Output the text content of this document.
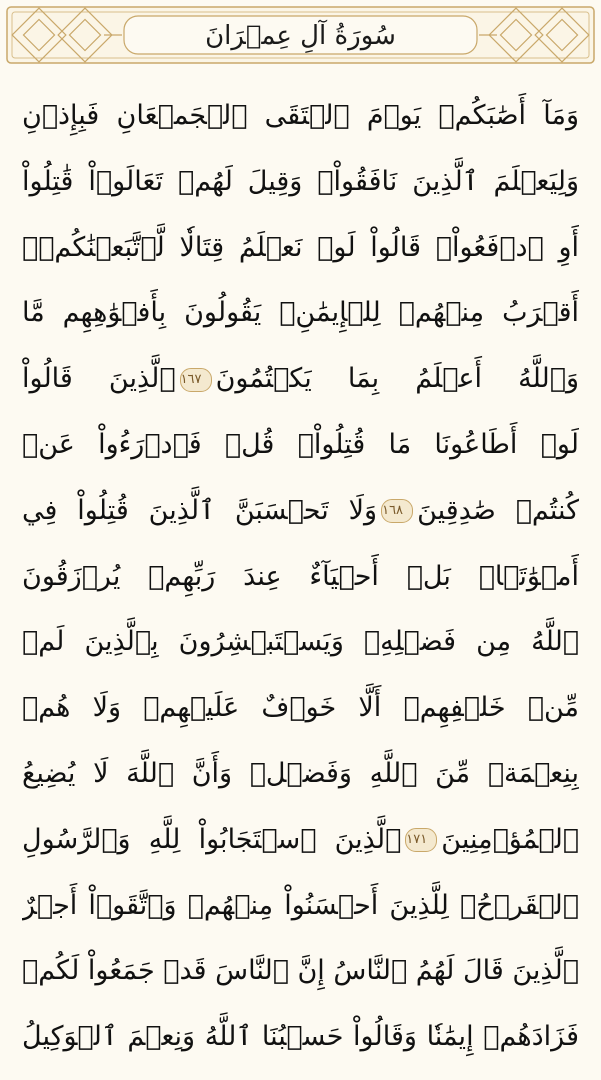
سُورَةُ آلِ عِمۡرَانَ
وَمَآ أَصَٰبَكُمۡ يَوۡمَ ٱلۡتَقَى ٱلۡجَمۡعَانِ فَبِإِذۡنِ
وَلِيَعۡلَمَ ٱلَّذِينَ نَافَقُواْۚ وَقِيلَ لَهُمۡ تَعَالَوۡاْ قَٰتِلُواْ
أَوِ ٱدۡفَعُواْۖ قَالُواْ لَوۡ نَعۡلَمُ قِتَالٗا لَّٱتَّبَعۡنَٰكُمۡۗ
أَقۡرَبُ مِنۡهُمۡ لِلۡإِيمَٰنِۚ يَقُولُونَ بِأَفۡوَٰهِهِم مَّا
وَٱللَّهُ أَعۡلَمُ بِمَا يَكۡتُمُونَ١٦٧ٱلَّذِينَ قَالُواْ
لَوۡ أَطَاعُونَا مَا قُتِلُواْۗ قُلۡ فَٱدۡرَءُواْ عَنۡ
كُنتُمۡ صَٰدِقِينَ١٦٨وَلَا تَحۡسَبَنَّ ٱلَّذِينَ قُتِلُواْ فِي
أَمۡوَٰتَۢاۚ بَلۡ أَحۡيَآءٌ عِندَ رَبِّهِمۡ يُرۡزَقُونَ
ٱللَّهُ مِن فَضۡلِهِۦ وَيَسۡتَبۡشِرُونَ بِٱلَّذِينَ لَمۡ
مِّنۡ خَلۡفِهِمۡ أَلَّا خَوۡفٌ عَلَيۡهِمۡ وَلَا هُمۡ
بِنِعۡمَةٖ مِّنَ ٱللَّهِ وَفَضۡلٖ وَأَنَّ ٱللَّهَ لَا يُضِيعُ
ٱلۡمُؤۡمِنِينَ١٧١ٱلَّذِينَ ٱسۡتَجَابُواْ لِلَّهِ وَٱلرَّسُولِ
ٱلۡقَرۡحُۚ لِلَّذِينَ أَحۡسَنُواْ مِنۡهُمۡ وَٱتَّقَوۡاْ أَجۡرٌ
ٱلَّذِينَ قَالَ لَهُمُ ٱلنَّاسُ إِنَّ ٱلنَّاسَ قَدۡ جَمَعُواْ لَكُمۡ
فَزَادَهُمۡ إِيمَٰنٗا وَقَالُواْ حَسۡبُنَا ٱللَّهُ وَنِعۡمَ ٱلۡوَكِيلُ
